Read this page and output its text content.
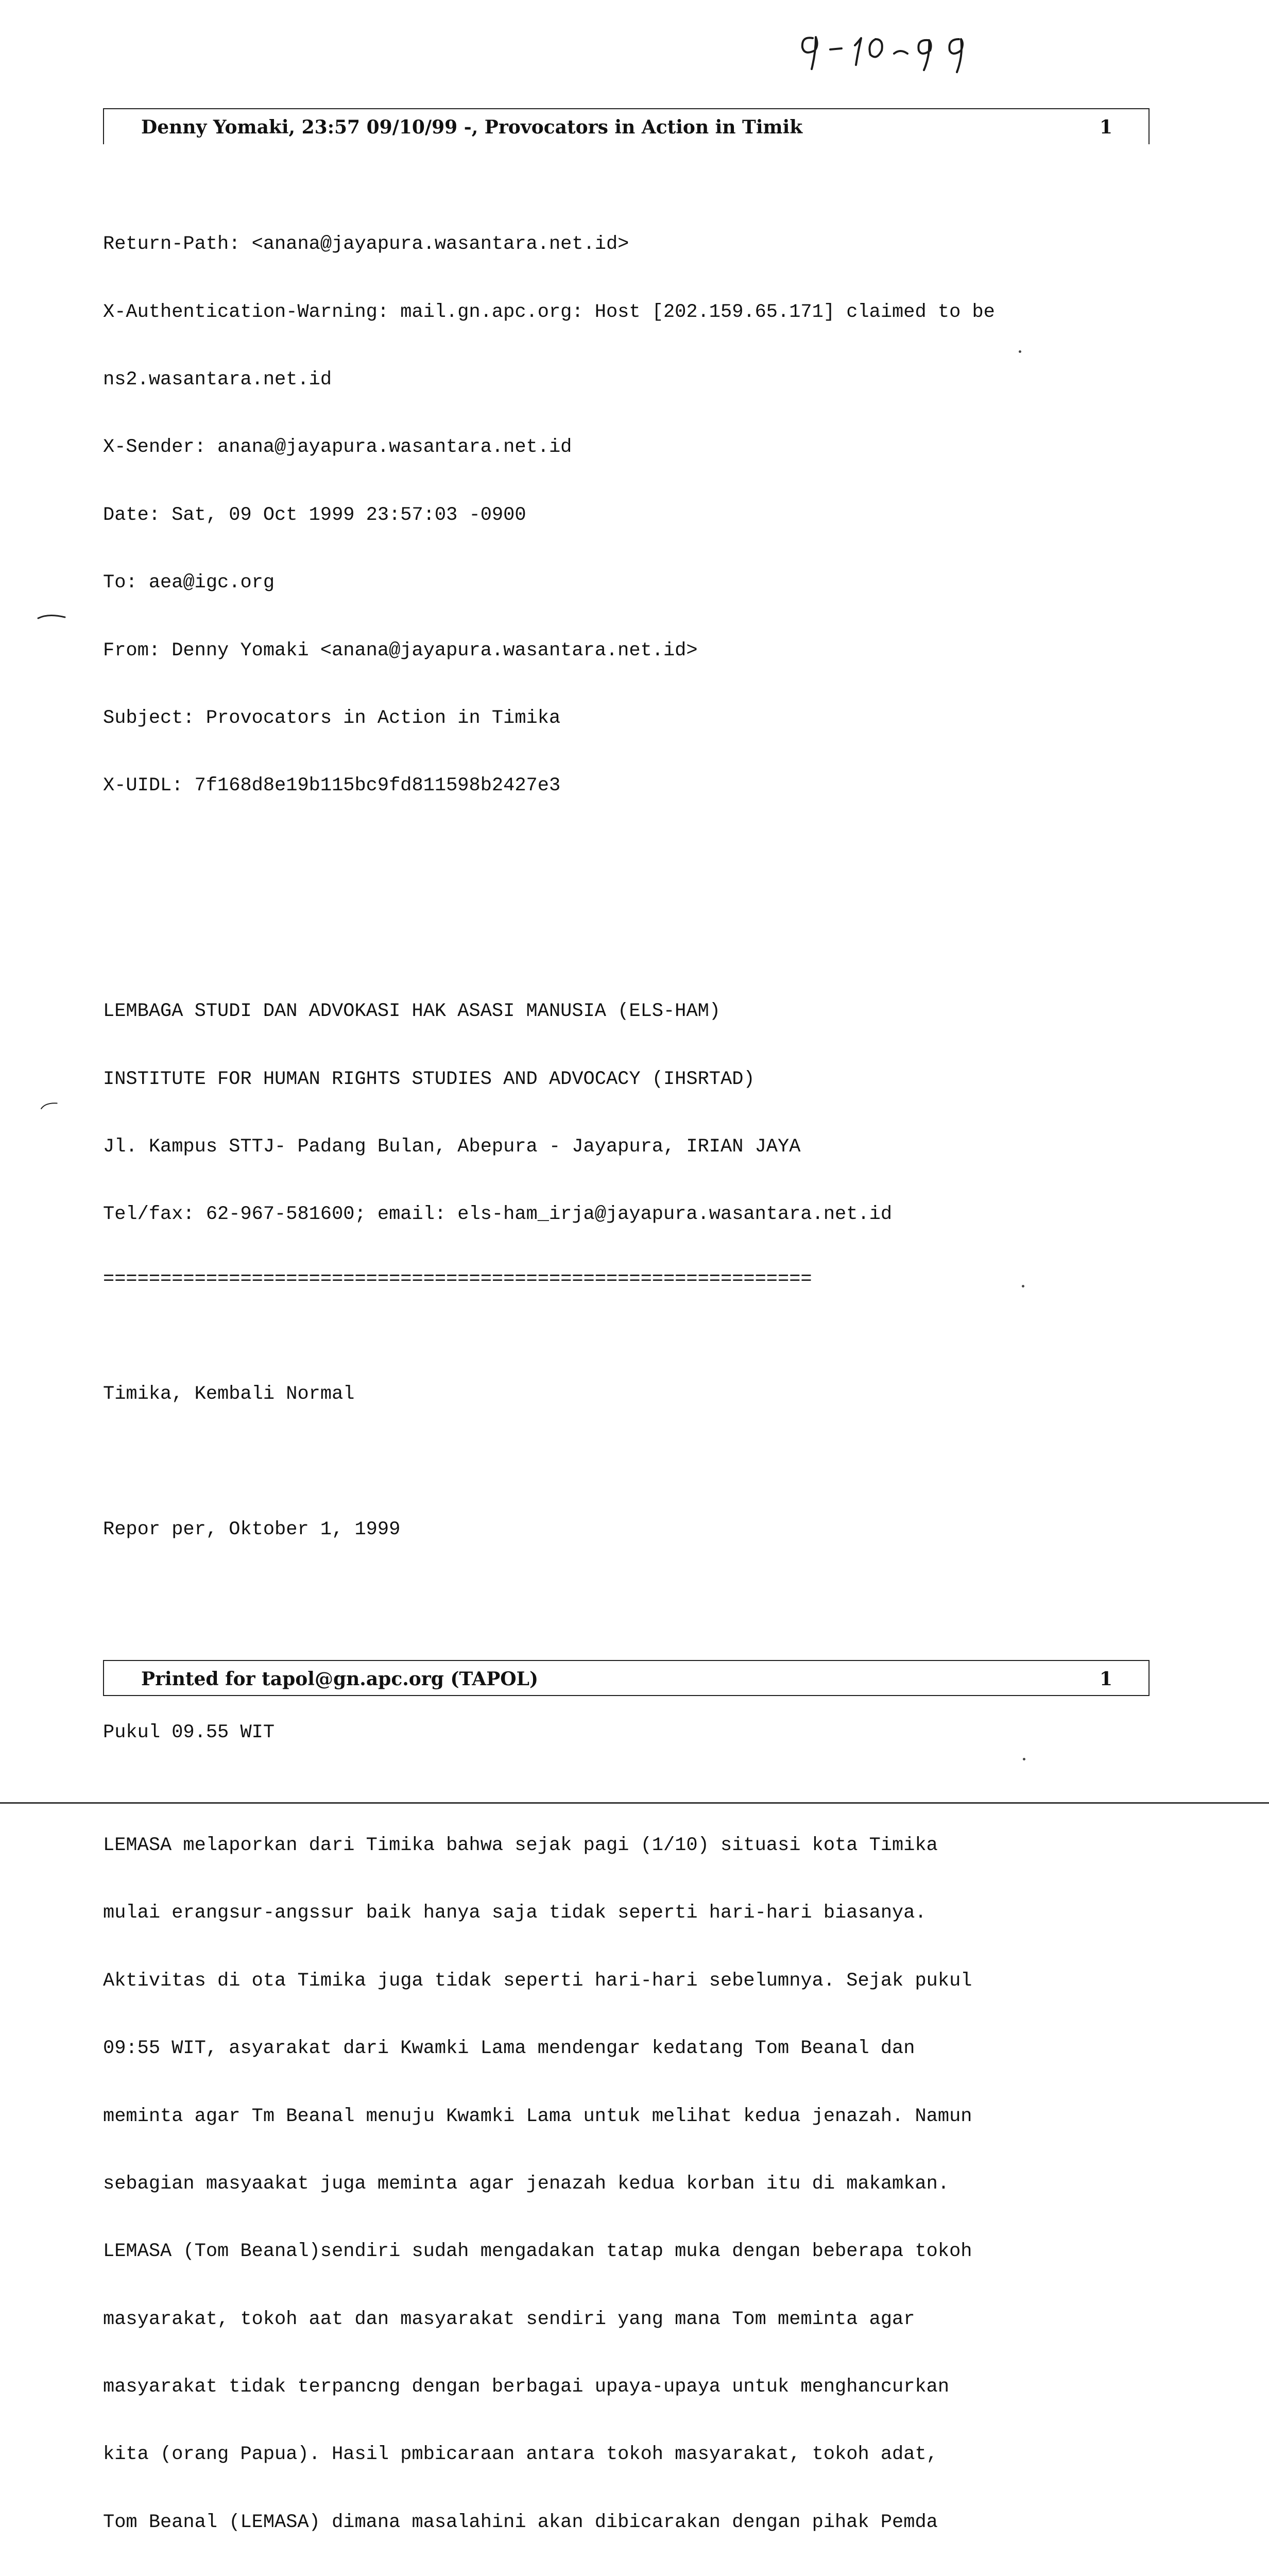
Denny Yomaki, 23:57 09/10/99 -, Provocators in Action in Timik	1

Return-Path: <anana@jayapura.wasantara.net.id>

X-Authentication-Warning: mail.gn.apc.org: Host [202.159.65.171] claimed to be

ns2.wasantara.net.id

X-Sender: anana@jayapura.wasantara.net.id

Date: Sat, 09 Oct 1999 23:57:03 -0900

To: aea@igc.org

From: Denny Yomaki <anana@jayapura.wasantara.net.id>

Subject: Provocators in Action in Timika

X-UIDL: 7f168d8e19b115bc9fd811598b2427e3

LEMBAGA STUDI DAN ADVOKASI HAK ASASI MANUSIA (ELS-HAM)

INSTITUTE FOR HUMAN RIGHTS STUDIES AND ADVOCACY (IHSRTAD)

Jl. Kampus STTJ- Padang Bulan, Abepura - Jayapura, IRIAN JAYA

Tel/fax: 62-967-581600; email: els-ham_irja@jayapura.wasantara.net.id

==============================================================

Timika, Kembali Normal

Repor per, Oktober 1, 1999

Pukul 09.55 WIT

LEMASA melaporkan dari Timika bahwa sejak pagi (1/10) situasi kota Timika

mulai erangsur-angssur baik hanya saja tidak seperti hari-hari biasanya.

Aktivitas di ota Timika juga tidak seperti hari-hari sebelumnya. Sejak pukul

09:55 WIT, asyarakat dari Kwamki Lama mendengar kedatang Tom Beanal dan

meminta agar Tm Beanal menuju Kwamki Lama untuk melihat kedua jenazah. Namun

sebagian masyaakat juga meminta agar jenazah kedua korban itu di makamkan.

LEMASA (Tom Beanal)sendiri sudah mengadakan tatap muka dengan beberapa tokoh

masyarakat, tokoh aat dan masyarakat sendiri yang mana Tom meminta agar

masyarakat tidak terpancng dengan berbagai upaya-upaya untuk menghancurkan

kita (orang Papua). Hasil pmbicaraan antara tokoh masyarakat, tokoh adat,

Tom Beanal (LEMASA) dimana masalahini akan dibicarakan dengan pihak Pemda

Printed for tapol@gn.apc.org (TAPOL)	1
